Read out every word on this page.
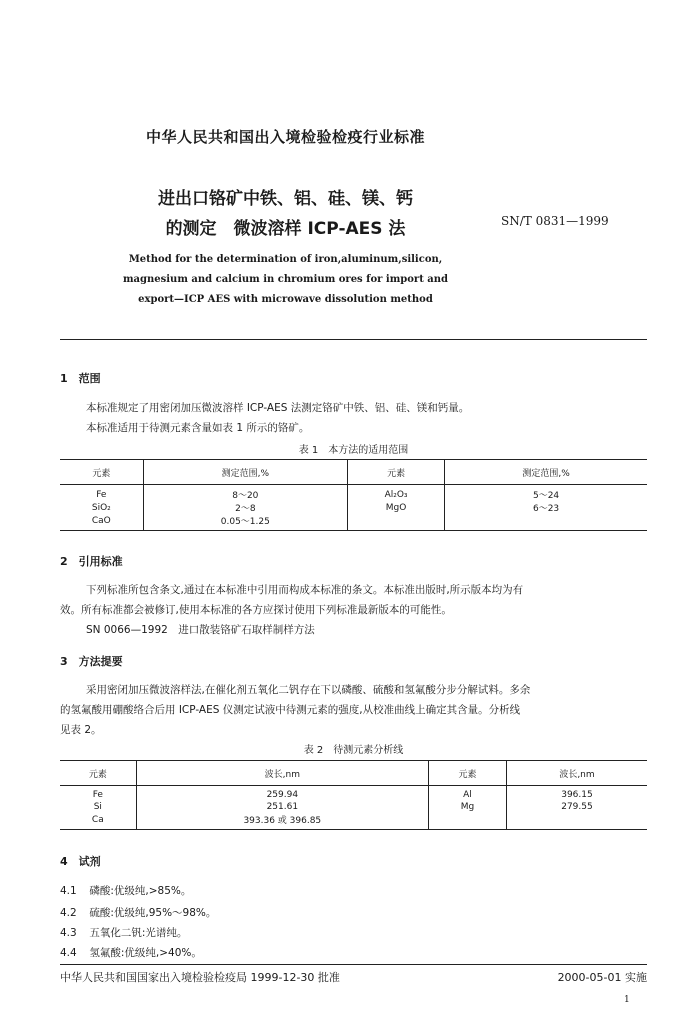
中华人民共和国出入境检验检疫行业标准
进出口铬矿中铁、铝、硅、镁、钙
的测定　微波溶样 ICP-AES 法	SN/T 0831—1999
Method for the determination of iron,aluminum,silicon,
magnesium and calcium in chromium ores for import and
export—ICP AES with microwave dissolution method
1　范围
本标准规定了用密闭加压微波溶样 ICP-AES 法测定铬矿中铁、铝、硅、镁和钙量。
本标准适用于待测元素含量如表 1 所示的铬矿。
表 1　本方法的适用范围
元素	测定范围,%	元素	测定范围,%
Fe	8～20	Al₂O₃	5～24
SiO₂	2～8	MgO	6～23
CaO	0.05～1.25		
2　引用标准
下列标准所包含条文,通过在本标准中引用而构成本标准的条文。本标准出版时,所示版本均为有
效。所有标准都会被修订,使用本标准的各方应探讨使用下列标准最新版本的可能性。
SN 0066—1992　进口散装铬矿石取样制样方法
3　方法提要
采用密闭加压微波溶样法,在催化剂五氧化二钒存在下以磷酸、硫酸和氢氟酸分步分解试料。多余
的氢氟酸用硼酸络合后用 ICP-AES 仪测定试液中待测元素的强度,从校准曲线上确定其含量。分析线
见表 2。
表 2　待测元素分析线
元素	波长,nm	元素	波长,nm
Fe	259.94	Al	396.15
Si	251.61	Mg	279.55
Ca	393.36 或 396.85		
4　试剂
4.1 磷酸:优级纯,>85%。
4.2 硫酸:优级纯,95%～98%。
4.3 五氧化二钒:光谱纯。
4.4 氢氟酸:优级纯,>40%。
中华人民共和国国家出入境检验检疫局 1999-12-30 批准	2000-05-01 实施
1
